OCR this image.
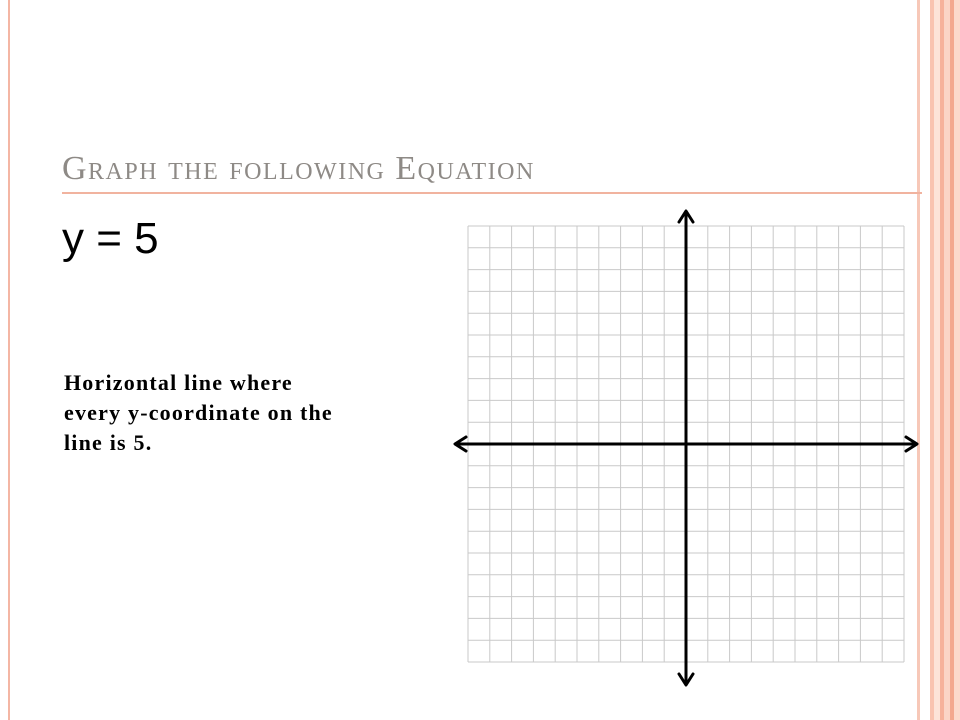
Graph the following Equation
y = 5
Horizontal line where every y-coordinate on the line is 5.
